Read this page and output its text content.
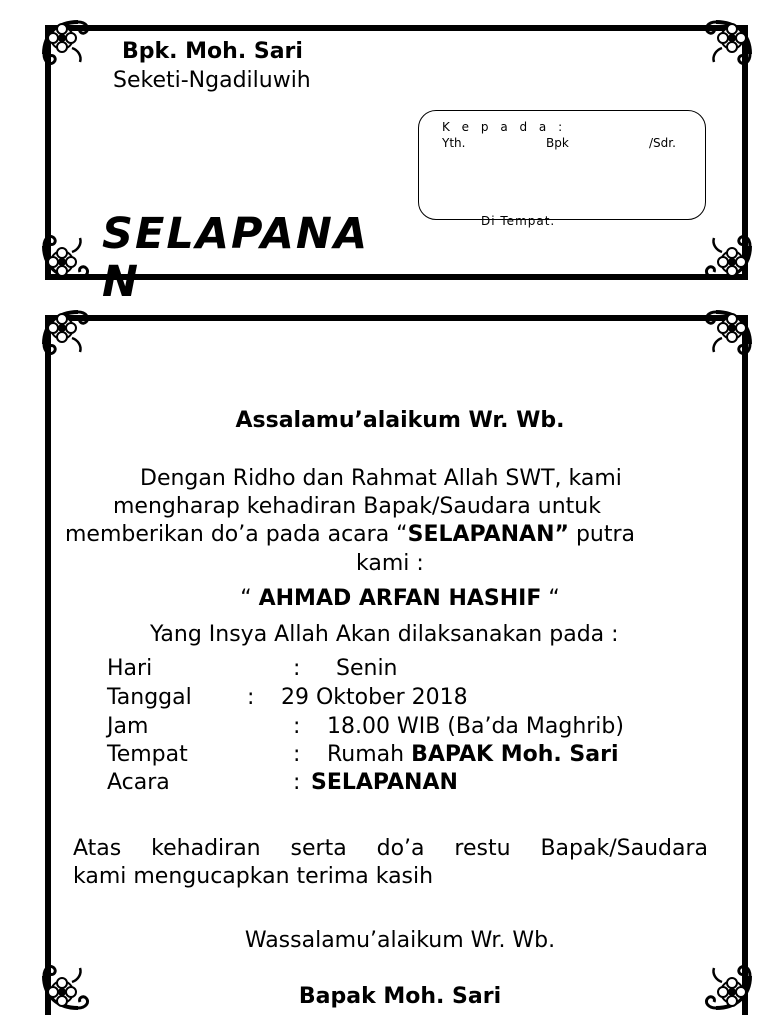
Bpk. Moh. Sari
Seketi-Ngadiluwih
SELAPANAN
K e p a d a :
Yth.	Bpk	/Sdr.
Di Tempat.
Assalamu’alaikum Wr. Wb.
Dengan Ridho dan Rahmat Allah SWT, kami
mengharap kehadiran Bapak/Saudara untuk
memberikan do’a pada acara “SELAPANAN” putra
kami :
“ AHMAD ARFAN HASHIF “
Yang Insya Allah Akan dilaksanakan pada :
Hari	: Senin
Tanggal	: 29 Oktober 2018
Jam	: 18.00 WIB (Ba’da Maghrib)
Tempat	: Rumah BAPAK Moh. Sari
Acara	: SELAPANAN
Atas kehadiran serta do’a restu Bapak/Saudara
kami mengucapkan terima kasih
Wassalamu’alaikum Wr. Wb.
Bapak Moh. Sari
